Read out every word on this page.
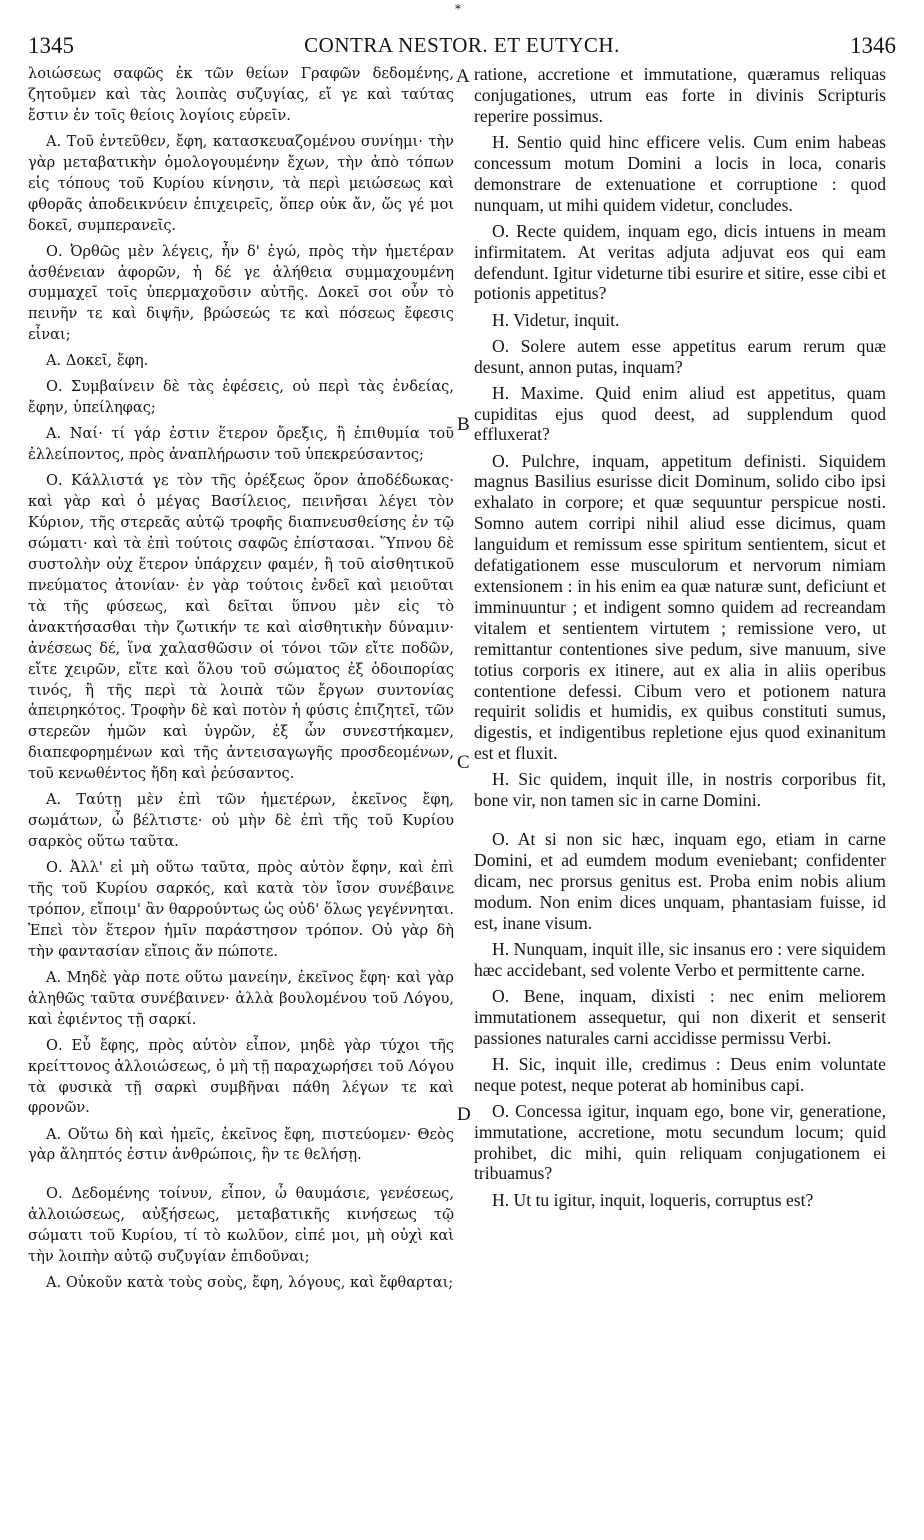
*
1345	CONTRA NESTOR. ET EUTYCH.	1346

λοιώσεως σαφῶς ἐκ τῶν θείων Γραφῶν δεδομένης, ζητοῦμεν καὶ τὰς λοιπὰς συζυγίας, εἴ γε καὶ ταύτας ἔστιν ἐν τοῖς θείοις λογίοις εὑρεῖν.

Α. Τοῦ ἐντεῦθεν, ἔφη, κατασκευαζομένου συνίημι· τὴν γὰρ μεταβατικὴν ὁμολογουμένην ἔχων, τὴν ἀπὸ τόπων εἰς τόπους τοῦ Κυρίου κίνησιν, τὰ περὶ μειώσεως καὶ φθορᾶς ἀποδεικνύειν ἐπιχειρεῖς, ὅπερ οὐκ ἄν, ὥς γέ μοι δοκεῖ, συμπερανεῖς.

Ο. Ὀρθῶς μὲν λέγεις, ἦν δ' ἐγώ, πρὸς τὴν ἡμετέραν ἀσθένειαν ἀφορῶν, ἡ δέ γε ἀλήθεια συμμαχουμένη συμμαχεῖ τοῖς ὑπερμαχοῦσιν αὐτῆς. Δοκεῖ σοι οὖν τὸ πεινῆν τε καὶ διψῆν, βρώσεώς τε καὶ πόσεως ἔφεσις εἶναι;

Α. Δοκεῖ, ἔφη.

Ο. Συμβαίνειν δὲ τὰς ἐφέσεις, οὐ περὶ τὰς ἐνδείας, ἔφην, ὑπείληφας;

Α. Ναί· τί γάρ ἐστιν ἕτερον ὄρεξις, ἢ ἐπιθυμία τοῦ ἐλλείποντος, πρὸς ἀναπλήρωσιν τοῦ ὑπεκρεύσαντος;

Ο. Κάλλιστά γε τὸν τῆς ὀρέξεως ὅρον ἀποδέδωκας· καὶ γὰρ καὶ ὁ μέγας Βασίλειος, πεινῆσαι λέγει τὸν Κύριον, τῆς στερεᾶς αὐτῷ τροφῆς διαπνευσθείσης ἐν τῷ σώματι· καὶ τὰ ἐπὶ τούτοις σαφῶς ἐπίστασαι. Ὕπνου δὲ συστολὴν οὐχ ἕτερον ὑπάρχειν φαμέν, ἢ τοῦ αἰσθητικοῦ πνεύματος ἀτονίαν· ἐν γὰρ τούτοις ἐνδεῖ καὶ μειοῦται τὰ τῆς φύσεως, καὶ δεῖται ὕπνου μὲν εἰς τὸ ἀνακτήσασθαι τὴν ζωτικήν τε καὶ αἰσθητικὴν δύναμιν· ἀνέσεως δέ, ἵνα χαλασθῶσιν οἱ τόνοι τῶν εἴτε ποδῶν, εἴτε χειρῶν, εἴτε καὶ ὅλου τοῦ σώματος ἐξ ὁδοιπορίας τινός, ἢ τῆς περὶ τὰ λοιπὰ τῶν ἔργων συντονίας ἀπειρηκότος. Τροφὴν δὲ καὶ ποτὸν ἡ φύσις ἐπιζητεῖ, τῶν στερεῶν ἡμῶν καὶ ὑγρῶν, ἐξ ὧν συνεστήκαμεν, διαπεφορημένων καὶ τῆς ἀντεισαγωγῆς προσδεομένων, τοῦ κενωθέντος ἤδη καὶ ῥεύσαντος.

Α. Ταύτῃ μὲν ἐπὶ τῶν ἡμετέρων, ἐκεῖνος ἔφη, σωμάτων, ὦ βέλτιστε· οὐ μὴν δὲ ἐπὶ τῆς τοῦ Κυρίου σαρκὸς οὕτω ταῦτα.

Ο. Ἀλλ' εἰ μὴ οὕτω ταῦτα, πρὸς αὐτὸν ἔφην, καὶ ἐπὶ τῆς τοῦ Κυρίου σαρκός, καὶ κατὰ τὸν ἴσον συνέβαινε τρόπον, εἴποιμ' ἂν θαρρούντως ὡς οὐδ' ὅλως γεγέννηται. Ἐπεὶ τὸν ἕτερον ἡμῖν παράστησον τρόπον. Οὐ γὰρ δὴ τὴν φαντασίαν εἴποις ἄν πώποτε.

Α. Μηδὲ γὰρ ποτε οὕτω μανείην, ἐκεῖνος ἔφη· καὶ γὰρ ἀληθῶς ταῦτα συνέβαινεν· ἀλλὰ βουλομένου τοῦ Λόγου, καὶ ἐφιέντος τῇ σαρκί.

Ο. Εὖ ἔφης, πρὸς αὐτὸν εἶπον, μηδὲ γὰρ τύχοι τῆς κρείττονος ἀλλοιώσεως, ὁ μὴ τῇ παραχωρήσει τοῦ Λόγου τὰ φυσικὰ τῇ σαρκὶ συμβῆναι πάθη λέγων τε καὶ φρονῶν.

Α. Οὕτω δὴ καὶ ἡμεῖς, ἐκεῖνος ἔφη, πιστεύομεν· Θεὸς γὰρ ἄληπτός ἐστιν ἀνθρώποις, ἣν τε θελήσῃ.

Ο. Δεδομένης τοίνυν, εἶπον, ὦ θαυμάσιε, γενέσεως, ἀλλοιώσεως, αὐξήσεως, μεταβατικῆς κινήσεως τῷ σώματι τοῦ Κυρίου, τί τὸ κωλῦον, εἰπέ μοι, μὴ οὐχὶ καὶ τὴν λοιπὴν αὐτῷ συζυγίαν ἐπιδοῦναι;

Α. Οὐκοῦν κατὰ τοὺς σοὺς, ἔφη, λόγους, καὶ ἔφθαρται;

ratione, accretione et immutatione, quæramus reliquas conjugationes, utrum eas forte in divinis Scripturis reperire possimus.

H. Sentio quid hinc efficere velis. Cum enim habeas concessum motum Domini a locis in loca, conaris demonstrare de extenuatione et corruptione : quod nunquam, ut mihi quidem videtur, concludes.

O. Recte quidem, inquam ego, dicis intuens in meam infirmitatem. At veritas adjuta adjuvat eos qui eam defendunt. Igitur videturne tibi esurire et sitire, esse cibi et potionis appetitus?

H. Videtur, inquit.

O. Solere autem esse appetitus earum rerum quæ desunt, annon putas, inquam?

H. Maxime. Quid enim aliud est appetitus, quam cupiditas ejus quod deest, ad supplendum quod effluxerat?

O. Pulchre, inquam, appetitum definisti. Siquidem magnus Basilius esurisse dicit Dominum, solido cibo ipsi exhalato in corpore; et quæ sequuntur perspicue nosti. Somno autem corripi nihil aliud esse dicimus, quam languidum et remissum esse spiritum sentientem, sicut et defatigationem esse musculorum et nervorum nimiam extensionem : in his enim ea quæ naturæ sunt, deficiunt et imminuuntur ; et indigent somno quidem ad recreandam vitalem et sentientem virtutem ; remissione vero, ut remittantur contentiones sive pedum, sive manuum, sive totius corporis ex itinere, aut ex alia in aliis operibus contentione defessi. Cibum vero et potionem natura requirit solidis et humidis, ex quibus constituti sumus, digestis, et indigentibus repletione ejus quod exinanitum est et fluxit.

H. Sic quidem, inquit ille, in nostris corporibus fit, bone vir, non tamen sic in carne Domini.

O. At si non sic hæc, inquam ego, etiam in carne Domini, et ad eumdem modum eveniebant; confidenter dicam, nec prorsus genitus est. Proba enim nobis alium modum. Non enim dices unquam, phantasiam fuisse, id est, inane visum.

H. Nunquam, inquit ille, sic insanus ero : vere siquidem hæc accidebant, sed volente Verbo et permittente carne.

O. Bene, inquam, dixisti : nec enim meliorem immutationem assequetur, qui non dixerit et senserit passiones naturales carni accidisse permissu Verbi.

H. Sic, inquit ille, credimus : Deus enim voluntate neque potest, neque poterat ab hominibus capi.

O. Concessa igitur, inquam ego, bone vir, generatione, immutatione, accretione, motu secundum locum; quid prohibet, dic mihi, quin reliquam conjugationem ei tribuamus?

H. Ut tu igitur, inquit, loqueris, corruptus est?

A
B
C
D
